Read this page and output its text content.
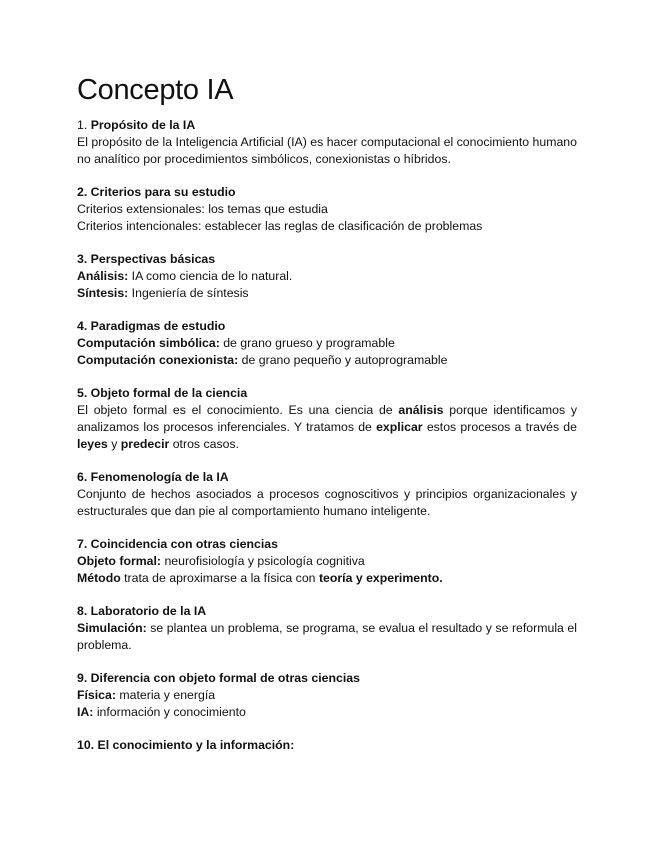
Concepto IA

1. Propósito de la IA

El propósito de la Inteligencia Artificial (IA) es hacer computacional el conocimiento humano no analítico por procedimientos simbólicos, conexionistas o híbridos.

2. Criterios para su estudio

Criterios extensionales: los temas que estudia

Criterios intencionales: establecer las reglas de clasificación de problemas

3. Perspectivas básicas

Análisis: IA como ciencia de lo natural.

Síntesis: Ingeniería de síntesis

4. Paradigmas de estudio

Computación simbólica: de grano grueso y programable

Computación conexionista: de grano pequeño y autoprogramable

5. Objeto formal de la ciencia

El objeto formal es el conocimiento. Es una ciencia de análisis porque identificamos y analizamos los procesos inferenciales. Y tratamos de explicar estos procesos a través de leyes y predecir otros casos.

6. Fenomenología de la IA

Conjunto de hechos asociados a procesos cognoscitivos y principios organizacionales y estructurales que dan pie al comportamiento humano inteligente.

7. Coincidencia con otras ciencias

Objeto formal: neurofisiología y psicología cognitiva

Método trata de aproximarse a la física con teoría y experimento.

8. Laboratorio de la IA

Simulación: se plantea un problema, se programa, se evalua el resultado y se reformula el problema.

9. Diferencia con objeto formal de otras ciencias

Física: materia y energía

IA: información y conocimiento

10. El conocimiento y la información:
